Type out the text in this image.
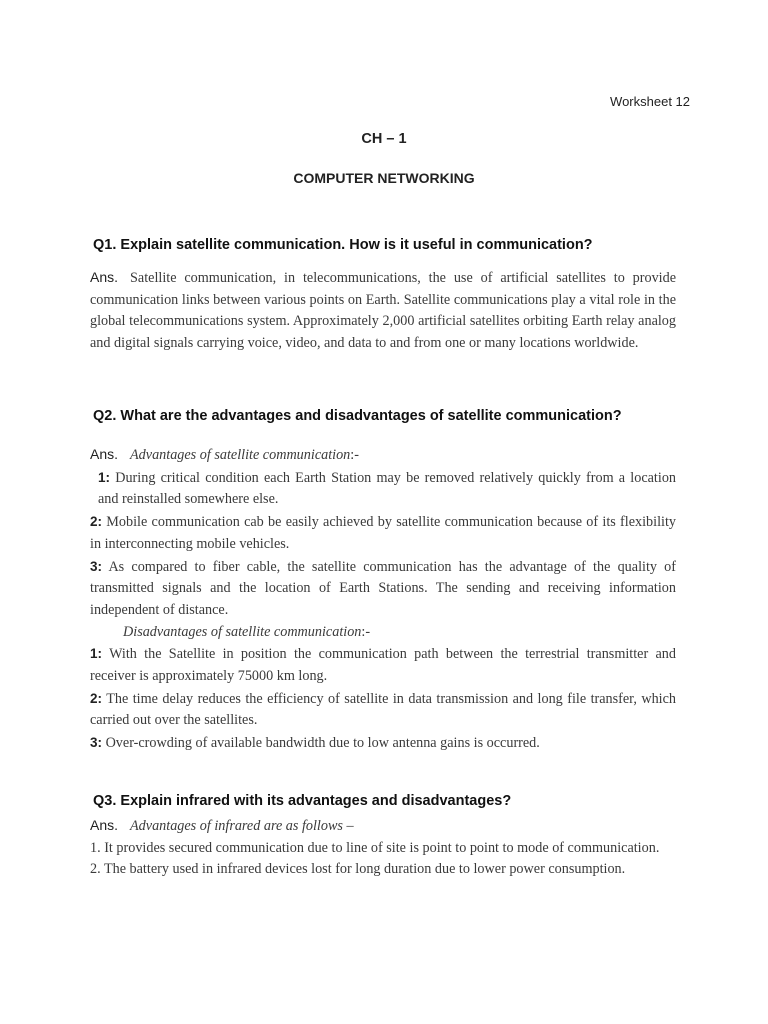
Worksheet 12
CH – 1
COMPUTER NETWORKING
Q1. Explain satellite communication. How is it useful in communication?

Ans. Satellite communication, in telecommunications, the use of artificial satellites to provide communication links between various points on Earth. Satellite communications play a vital role in the global telecommunications system. Approximately 2,000 artificial satellites orbiting Earth relay analog and digital signals carrying voice, video, and data to and from one or many locations worldwide.

Q2. What are the advantages and disadvantages of satellite communication?

Ans. Advantages of satellite communication:-

1: During critical condition each Earth Station may be removed relatively quickly from a location and reinstalled somewhere else.

2: Mobile communication cab be easily achieved by satellite communication because of its flexibility in interconnecting mobile vehicles.

3: As compared to fiber cable, the satellite communication has the advantage of the quality of transmitted signals and the location of Earth Stations. The sending and receiving information independent of distance.

Disadvantages of satellite communication:-

1: With the Satellite in position the communication path between the terrestrial transmitter and receiver is approximately 75000 km long.

2: The time delay reduces the efficiency of satellite in data transmission and long file transfer, which carried out over the satellites.

3: Over-crowding of available bandwidth due to low antenna gains is occurred.

Q3. Explain infrared with its advantages and disadvantages?

Ans. Advantages of infrared are as follows –

1. It provides secured communication due to line of site is point to point to mode of communication.

2. The battery used in infrared devices lost for long duration due to lower power consumption.
